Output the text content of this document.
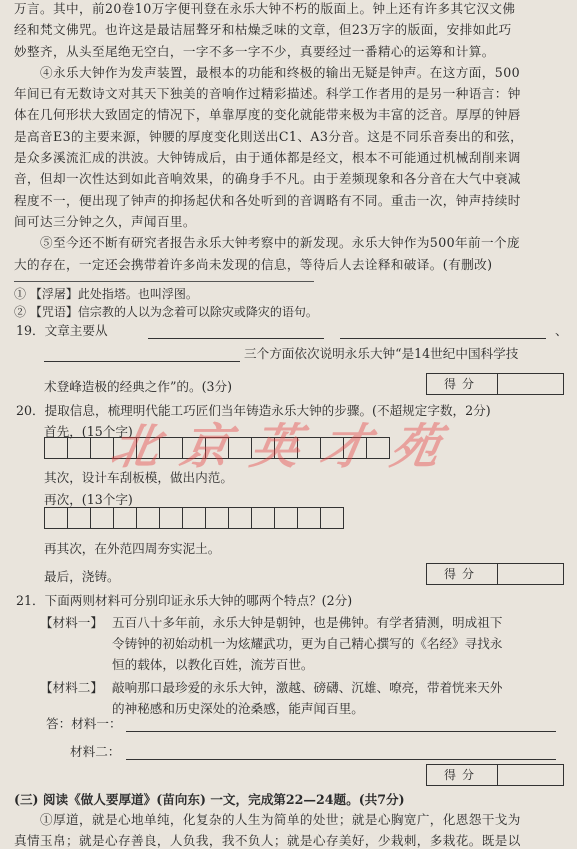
万言。其中，前20卷10万字便刊登在永乐大钟不朽的版面上。钟上还有许多其它汉文佛
经和梵文佛咒。也许这是最诘屈聱牙和枯燥乏味的文章，但23万字的版面，安排如此巧
妙整齐，从头至尾绝无空白，一字不多一字不少，真要经过一番精心的运筹和计算。
④永乐大钟作为发声装置，最根本的功能和终极的输出无疑是钟声。在这方面，500
年间已有无数诗文对其天下独美的音响作过精彩描述。科学工作者用的是另一种语言：钟
体在几何形状大致固定的情况下，单靠厚度的变化就能带来极为丰富的泛音。厚厚的钟唇
是高音E3的主要来源，钟腰的厚度变化則送出C1、A3分音。这是不同乐音奏出的和弦，
是众多溪流汇成的洪波。大钟铸成后，由于通体都是经文，根本不可能通过机械刮削来调
音，但却一次性达到如此音响效果，的确身手不凡。由于差频现象和各分音在大气中衰减
程度不一，便出现了钟声的抑扬起伏和各处听到的音调略有不同。重击一次，钟声持续时
间可达三分钟之久，声闻百里。
⑤至今还不断有研究者报告永乐大钟考察中的新发现。永乐大钟作为500年前一个庞
大的存在，一定还会携带着许多尚未发现的信息，等待后人去诠释和破译。(有删改)
① 【浮屠】此处指塔。也叫浮图。
② 【咒语】信宗教的人以为念着可以除灾或降灾的语句。
19．文章主要从	、
三个方面依次说明永乐大钟“是14世纪中国科学技
术登峰造极的经典之作”的。(3分)	得分
20．提取信息，梳理明代能工巧匠们当年铸造永乐大钟的步骤。(不超规定字数，2分)
首先，(15个字)
其次，设计车刮板模，做出内范。
再次，(13个字)
再其次，在外范四周夯实泥土。
最后，浇铸。	得分
21．下面两则材料可分别印证永乐大钟的哪两个特点？(2分)
【材料一】 五百八十多年前，永乐大钟是朝钟，也是佛钟。有学者猜测，明成祖下
令铸钟的初始动机一为炫耀武功，更为自己精心撰写的《名经》寻找永
恒的载体，以教化百姓，流芳百世。
【材料二】 敲响那口最珍爱的永乐大钟，激越、磅礴、沉雄、嘹亮，带着恍来天外
的神秘感和历史深处的沧桑感，能声闻百里。
答：材料一：
材料二：
得分
(三) 阅读《做人要厚道》(苗向东) 一文，完成第22—24题。(共7分)
①厚道，就是心地单纯，化复杂的人生为简单的处世；就是心胸宽广，化恩怨干戈为
真情玉帛；就是心存善良，人负我，我不负人；就是心存美好，少栽刺，多栽花。既是以
北京英才苑
